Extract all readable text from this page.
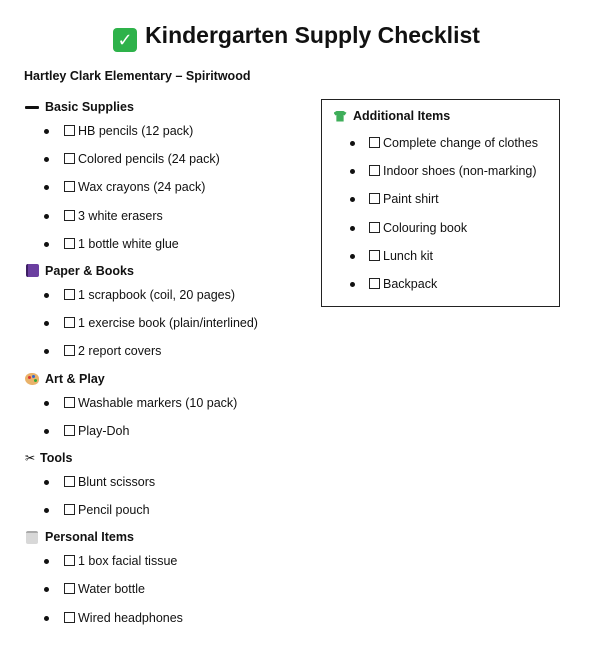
✓ Kindergarten Supply Checklist
Hartley Clark Elementary – Spiritwood
Basic Supplies
HB pencils (12 pack)
Colored pencils (24 pack)
Wax crayons (24 pack)
3 white erasers
1 bottle white glue
Paper & Books
1 scrapbook (coil, 20 pages)
1 exercise book (plain/interlined)
2 report covers
Art & Play
Washable markers (10 pack)
Play-Doh
✂ Tools
Blunt scissors
Pencil pouch
Personal Items
1 box facial tissue
Water bottle
Wired headphones
Additional Items
Complete change of clothes
Indoor shoes (non-marking)
Paint shirt
Colouring book
Lunch kit
Backpack
